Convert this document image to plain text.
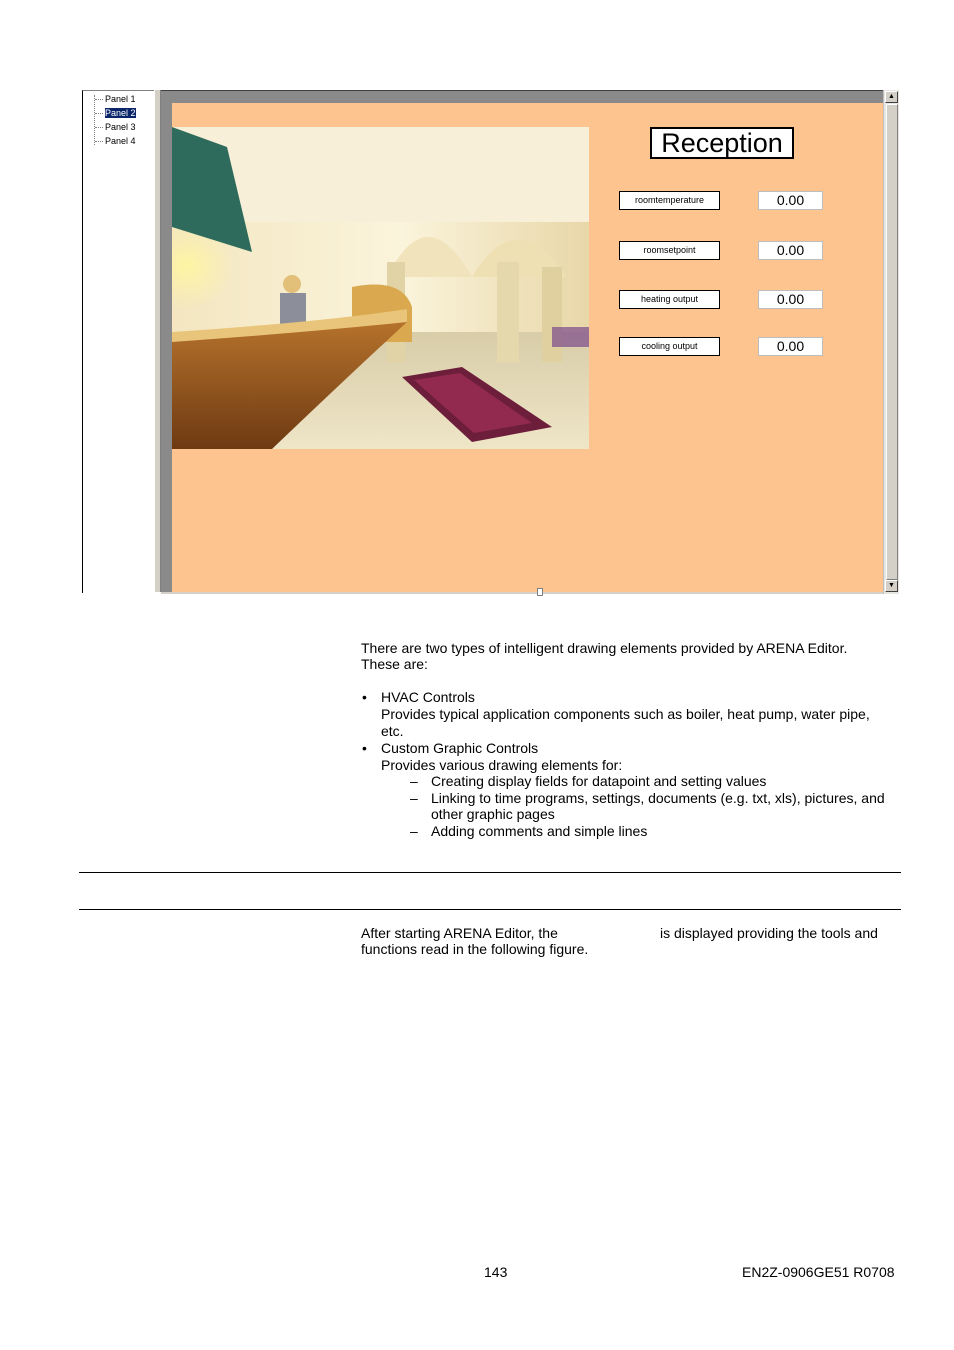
Panel 1
Panel 2
Panel 3
Panel 4	Reception
roomtemperature	0.00
roomsetpoint	0.00
heating output	0.00
cooling output	0.00
▲
▼
There are two types of intelligent drawing elements provided by ARENA Editor.
These are:
• HVAC Controls
Provides typical application components such as boiler, heat pump, water pipe,
etc.
• Custom Graphic Controls
Provides various drawing elements for:
– Creating display fields for datapoint and setting values
– Linking to time programs, settings, documents (e.g. txt, xls), pictures, and
other graphic pages
– Adding comments and simple lines
After starting ARENA Editor, the	is displayed providing the tools and
functions read in the following figure.
143	EN2Z-0906GE51 R0708
